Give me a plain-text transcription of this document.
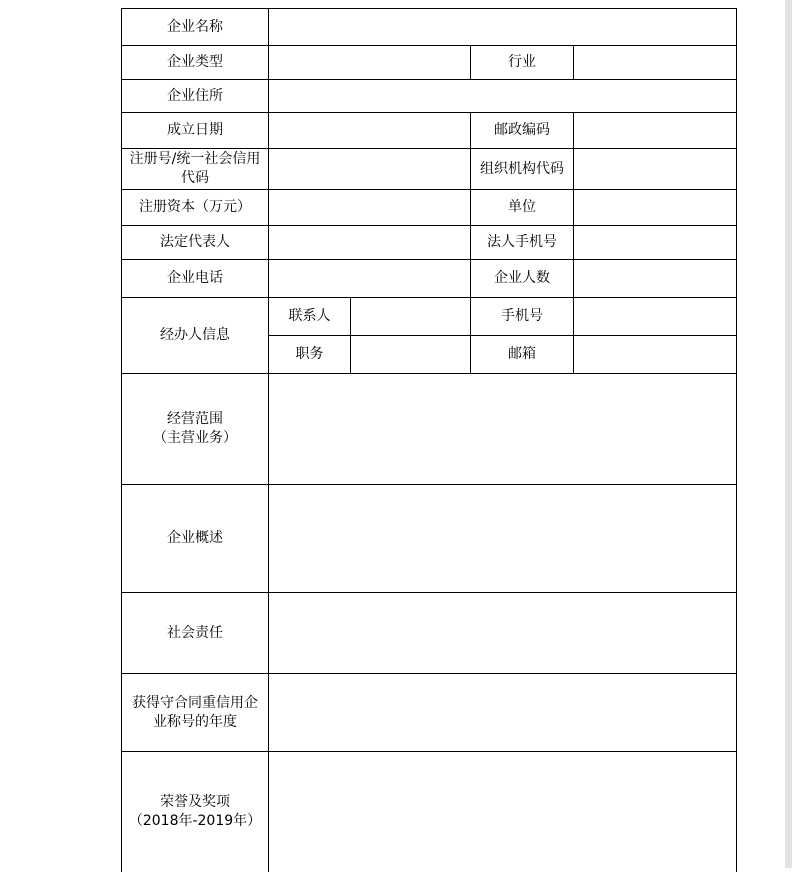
企业名称				
企业类型			行业	
企业住所				
成立日期			邮政编码	
注册号/统一社会信用代码			组织机构代码	
注册资本（万元）			单位	
法定代表人			法人手机号	
企业电话			企业人数	
经办人信息	联系人		手机号	
	职务		邮箱	

经营范围
（主营业务）				

企业概述				
社会责任				
获得守合同重信用企业称号的年度				

荣誉及奖项
（2018年-2019年）				
